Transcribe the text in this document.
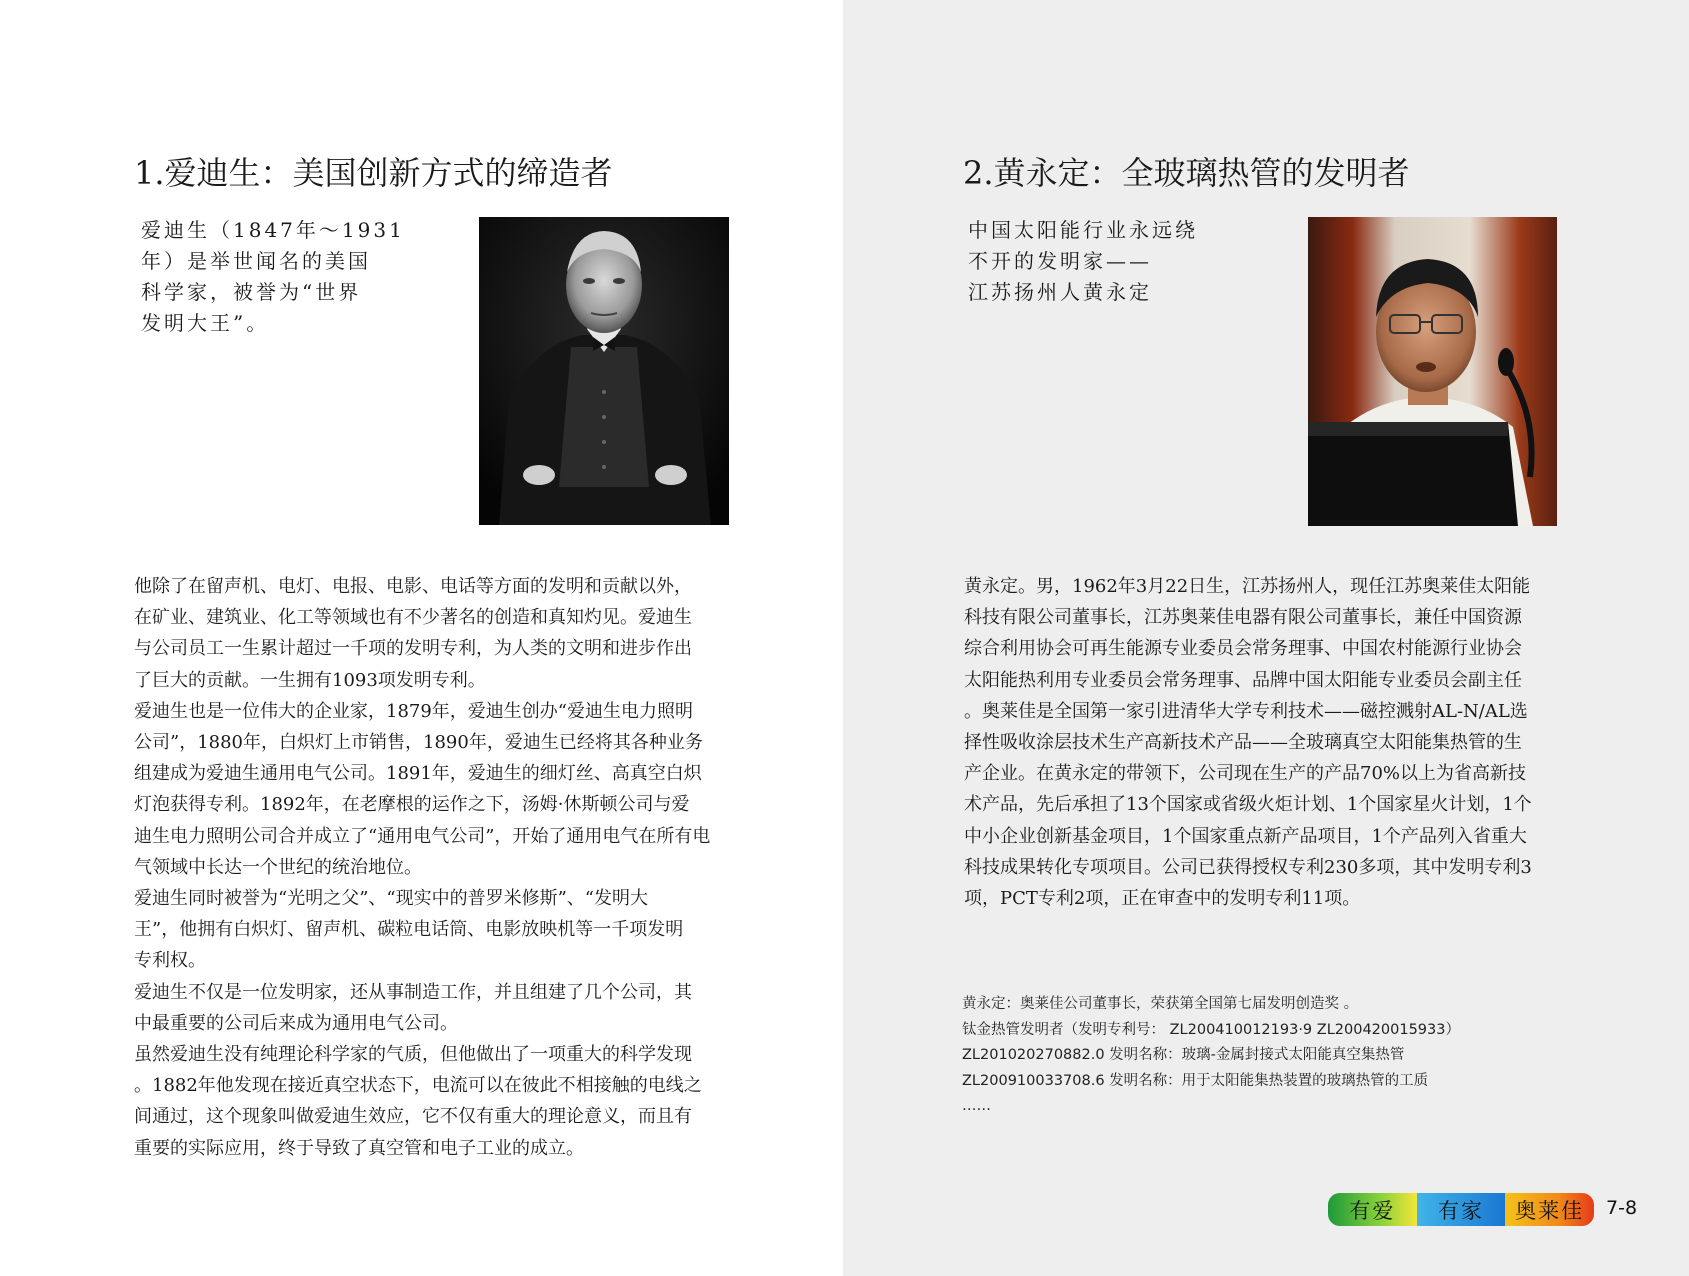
1.爱迪生：美国创新方式的缔造者
爱迪生（1847年～1931
年）是举世闻名的美国
科学家，被誉为“世界
发明大王”。

他除了在留声机、电灯、电报、电影、电话等方面的发明和贡献以外，
在矿业、建筑业、化工等领域也有不少著名的创造和真知灼见。爱迪生
与公司员工一生累计超过一千项的发明专利，为人类的文明和进步作出
了巨大的贡献。一生拥有1093项发明专利。

爱迪生也是一位伟大的企业家，1879年，爱迪生创办“爱迪生电力照明
公司”，1880年，白炽灯上市销售，1890年，爱迪生已经将其各种业务
组建成为爱迪生通用电气公司。1891年，爱迪生的细灯丝、高真空白炽
灯泡获得专利。1892年，在老摩根的运作之下，汤姆·休斯顿公司与爱
迪生电力照明公司合并成立了“通用电气公司”，开始了通用电气在所有电
气领域中长达一个世纪的统治地位。

爱迪生同时被誉为“光明之父”、“现实中的普罗米修斯”、“发明大
王”，他拥有白炽灯、留声机、碳粒电话筒、电影放映机等一千项发明
专利权。

爱迪生不仅是一位发明家，还从事制造工作，并且组建了几个公司，其
中最重要的公司后来成为通用电气公司。

虽然爱迪生没有纯理论科学家的气质，但他做出了一项重大的科学发现
。1882年他发现在接近真空状态下，电流可以在彼此不相接触的电线之
间通过，这个现象叫做爱迪生效应，它不仅有重大的理论意义，而且有
重要的实际应用，终于导致了真空管和电子工业的成立。

2.黄永定：全玻璃热管的发明者
中国太阳能行业永远绕
不开的发明家——
江苏扬州人黄永定

黄永定。男，1962年3月22日生，江苏扬州人，现任江苏奥莱佳太阳能
科技有限公司董事长，江苏奥莱佳电器有限公司董事长，兼任中国资源
综合利用协会可再生能源专业委员会常务理事、中国农村能源行业协会
太阳能热利用专业委员会常务理事、品牌中国太阳能专业委员会副主任
。奥莱佳是全国第一家引进清华大学专利技术——磁控溅射AL-N/AL选
择性吸收涂层技术生产高新技术产品——全玻璃真空太阳能集热管的生
产企业。在黄永定的带领下，公司现在生产的产品70%以上为省高新技
术产品，先后承担了13个国家或省级火炬计划、1个国家星火计划，1个
中小企业创新基金项目，1个国家重点新产品项目，1个产品列入省重大
科技成果转化专项项目。公司已获得授权专利230多项，其中发明专利3
项，PCT专利2项，正在审查中的发明专利11项。

黄永定：奥莱佳公司董事长，荣获第全国第七届发明创造奖 。
钛金热管发明者（发明专利号： ZL200410012193·9 ZL200420015933）
ZL201020270882.0 发明名称：玻璃-金属封接式太阳能真空集热管
ZL200910033708.6 发明名称：用于太阳能集热装置的玻璃热管的工质
……
有爱	有家	奥莱佳	7-8
